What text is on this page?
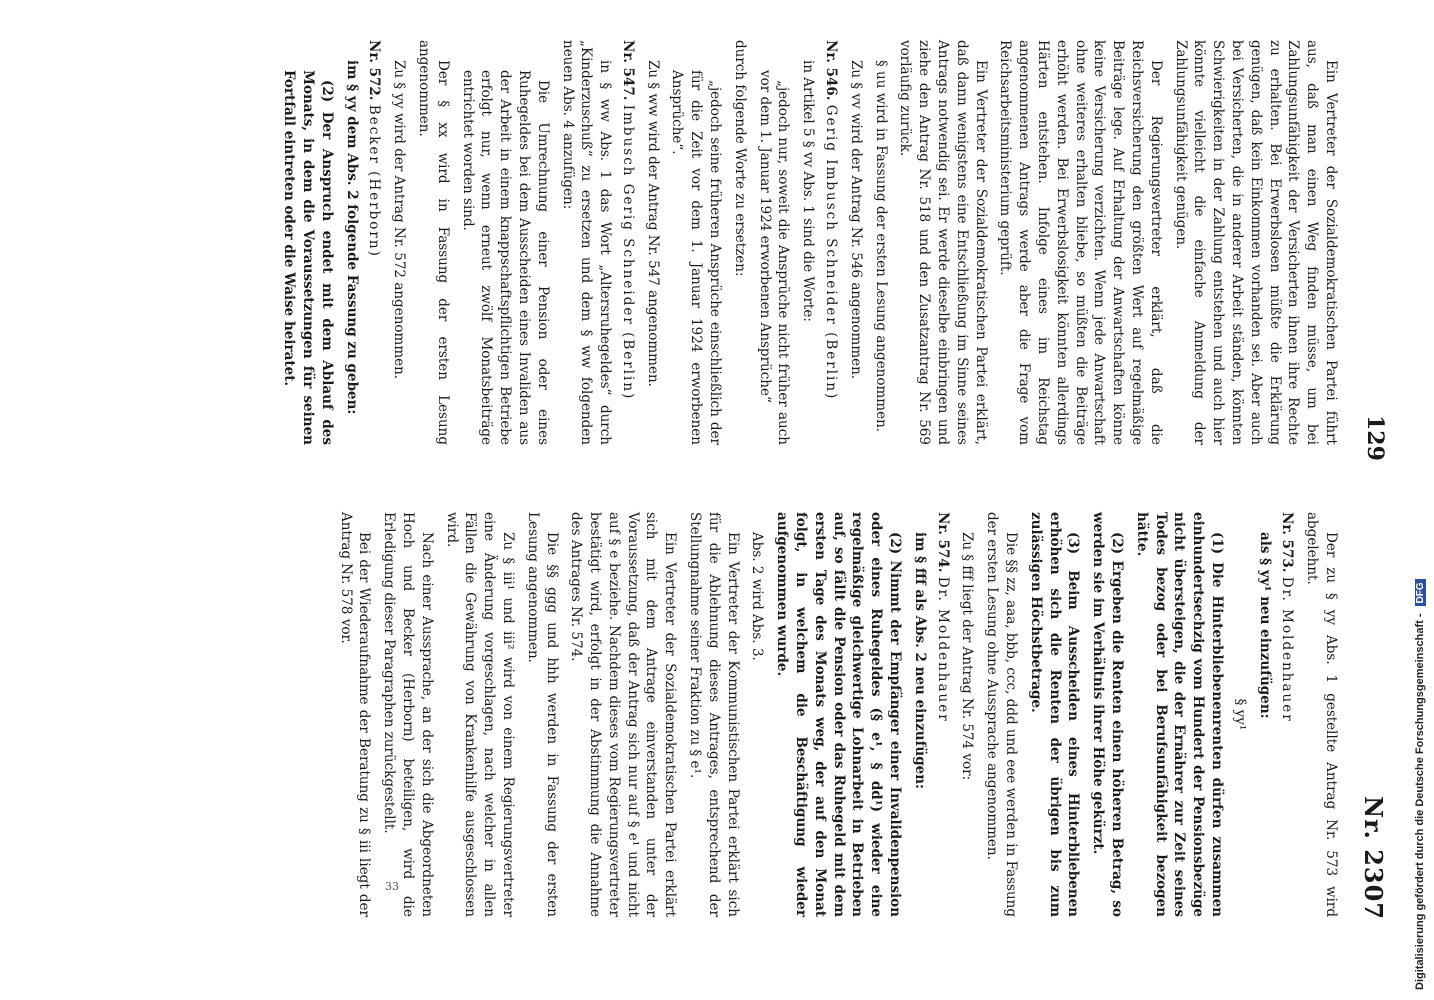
129
Nr. 2307

Ein Vertreter der Sozialdemokratischen Partei führt aus, daß man einen Weg finden müsse, um bei Zahlungsunfähigkeit der Versicherten ihnen ihre Rechte zu erhalten. Bei Erwerbslosen müßte die Erklärung genügen, daß kein Einkommen vorhanden sei. Aber auch bei Versicherten, die in anderer Arbeit ständen, könnten Schwierigkeiten in der Zahlung entstehen und auch hier könnte vielleicht die einfache Anmeldung der Zahlungsunfähigkeit genügen.

Der Regierungsvertreter erklärt, daß die Reichsversicherung den größten Wert auf regelmäßige Beiträge lege. Auf Erhaltung der Anwartschaften könne keine Versicherung verzichten. Wenn jede Anwartschaft ohne weiteres erhalten bliebe, so müßten die Beiträge erhöht werden. Bei Erwerbslosigkeit könnten allerdings Härten entstehen. Infolge eines im Reichstag angenommenen Antrags werde aber die Frage vom Reichsarbeitsministerium geprüft.

Ein Vertreter der Sozialdemokratischen Partei erklärt, daß dann wenigstens eine Entschließung im Sinne seines Antrags notwendig sei. Er werde dieselbe einbringen und ziehe den Antrag Nr. 518 und den Zusatzantrag Nr. 569 vorläufig zurück.

§ uu wird in Fassung der ersten Lesung angenommen.

Zu § vv wird der Antrag Nr. 546 angenommen.

Nr. 546. Gerig Imbusch Schneider (Berlin)

in Artikel 5 § vv Abs. 1 sind die Worte:

„jedoch nur, soweit die Ansprüche nicht früher auch vor dem 1. Januar 1924 erworbenen Ansprüche“

durch folgende Worte zu ersetzen:

„jedoch seine früheren Ansprüche einschließlich der für die Zeit vor dem 1. Januar 1924 erworbenen Ansprüche“.

Zu § ww wird der Antrag Nr. 547 angenommen.

Nr. 547. Imbusch Gerig Schneider (Berlin)

in § ww Abs. 1 das Wort „Altersruhegeldes“ durch „Kinderzuschuß“ zu ersetzen und dem § ww folgenden neuen Abs. 4 anzufügen:

Die Umrechnung einer Pension oder eines Ruhegeldes bei dem Ausscheiden eines Invaliden aus der Arbeit in einem knappschaftspflichtigen Betriebe erfolgt nur, wenn erneut zwölf Monatsbeiträge entrichtet worden sind.

Der § xx wird in Fassung der ersten Lesung angenommen.

Zu § yy wird der Antrag Nr. 572 angenommen.

Nr. 572. Becker (Herborn)

im § yy dem Abs. 2 folgende Fassung zu geben:

(2) Der Anspruch endet mit dem Ablauf des Monats, in dem die Voraussetzungen für seinen Fortfall eintreten oder die Waise heiratet.

Der zu § yy Abs. 1 gestellte Antrag Nr. 573 wird abgelehnt.

Nr. 573. Dr. Moldenhauer

als § yy¹ neu einzufügen:

§ yy¹

(1) Die Hinterbliebenenrenten dürfen zusammen einhundertsechzig vom Hundert der Pensionsbezüge nicht übersteigen, die der Ernährer zur Zeit seines Todes bezog oder bei Berufsunfähigkeit bezogen hätte.

(2) Ergeben die Renten einen höheren Betrag, so werden sie im Verhältnis ihrer Höhe gekürzt.

(3) Beim Ausscheiden eines Hinterbliebenen erhöhen sich die Renten der übrigen bis zum zulässigen Höchstbetrage.

Die §§ zz, aaa, bbb, ccc, ddd und eee werden in Fassung der ersten Lesung ohne Aussprache angenommen.

Zu § fff liegt der Antrag Nr. 574 vor:

Nr. 574. Dr. Moldenhauer

im § fff als Abs. 2 neu einzufügen:

(2) Nimmt der Empfänger einer Invalidenpension oder eines Ruhegeldes (§ e¹, § dd¹) wieder eine regelmäßige gleichwertige Lohnarbeit in Betrieben auf, so fällt die Pension oder das Ruhegeld mit dem ersten Tage des Monats weg, der auf den Monat folgt, in welchem die Beschäftigung wieder aufgenommen wurde.

Abs. 2 wird Abs. 3.

Ein Vertreter der Kommunistischen Partei erklärt sich für die Ablehnung dieses Antrages, entsprechend der Stellungnahme seiner Fraktion zu § e¹.

Ein Vertreter der Sozialdemokratischen Partei erklärt sich mit dem Antrage einverstanden unter der Voraussetzung, daß der Antrag sich nur auf § e¹ und nicht auf § e beziehe. Nachdem dieses vom Regierungsvertreter bestätigt wird, erfolgt in der Abstimmung die Annahme des Antrages Nr. 574.

Die §§ ggg und hhh werden in Fassung der ersten Lesung angenommen.

Zu § iii¹ und iii² wird von einem Regierungsvertreter eine Änderung vorgeschlagen, nach welcher in allen Fällen die Gewährung von Krankenhilfe ausgeschlossen wird.

Nach einer Aussprache, an der sich die Abgeordneten Hoch und Becker (Herborn) beteiligen, wird die Erledigung dieser Paragraphen zurückgestellt.

Bei der Wiederaufnahme der Beratung zu § iii liegt der Antrag Nr. 578 vor.

33	Digitalisierung gefördert durch die Deutsche Forschungsgemeinschaft - DFG
